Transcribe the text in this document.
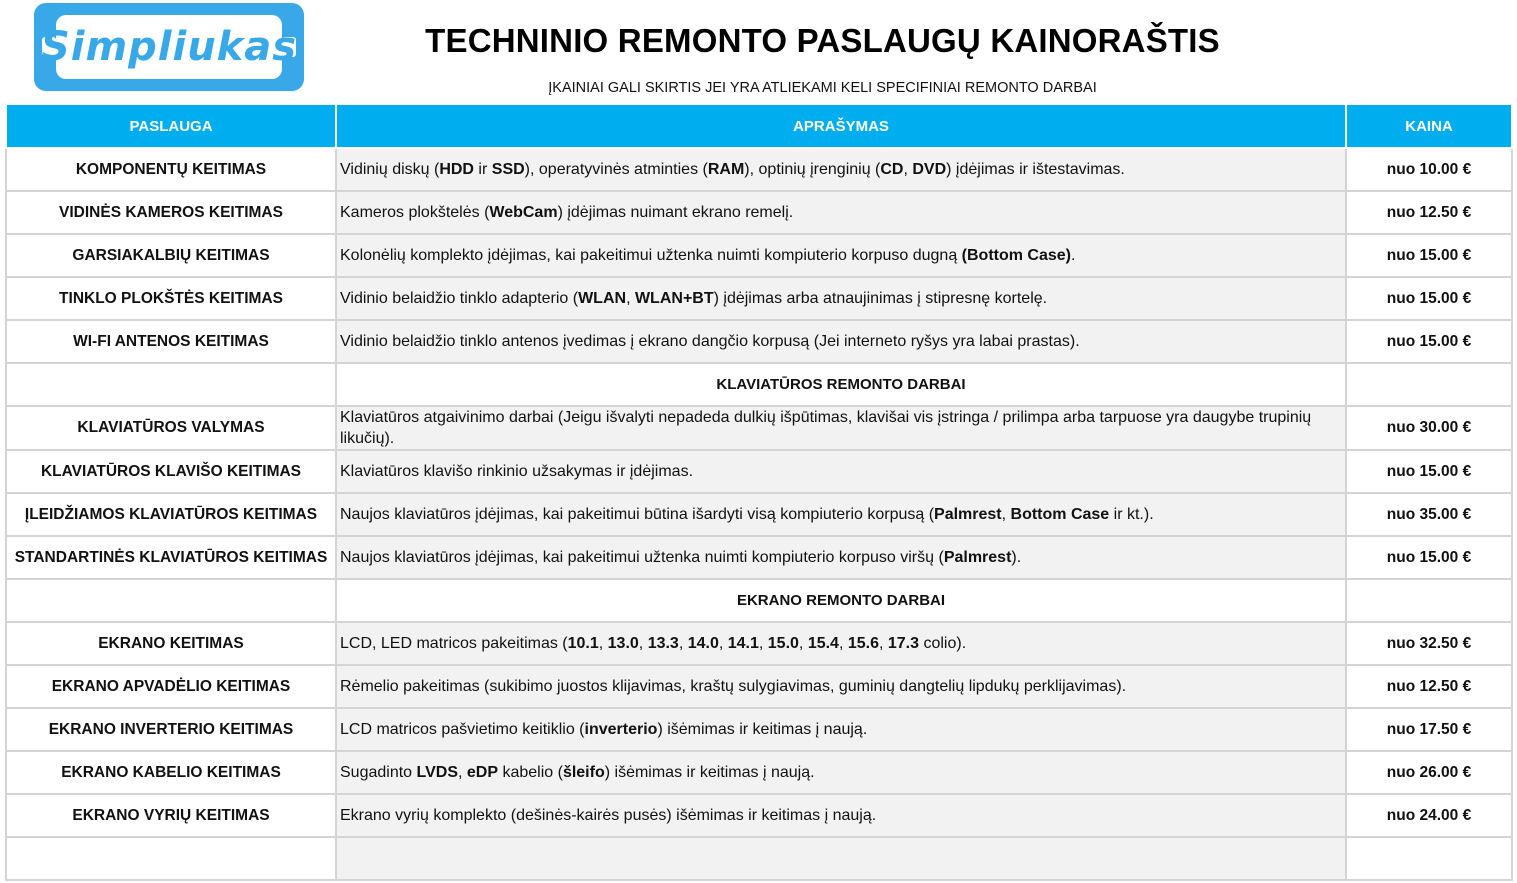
Simpliukas	TECHNINIO REMONTO PASLAUGŲ KAINORAŠTIS
ĮKAINIAI GALI SKIRTIS JEI YRA ATLIEKAMI KELI SPECIFINIAI REMONTO DARBAI
PASLAUGA	APRAŠYMAS	KAINA
KOMPONENTŲ KEITIMAS	Vidinių diskų (HDD ir SSD), operatyvinės atminties (RAM), optinių įrenginių (CD, DVD) įdėjimas ir ištestavimas.	nuo 10.00 €
VIDINĖS KAMEROS KEITIMAS	Kameros plokštelės (WebCam) įdėjimas nuimant ekrano remelį.	nuo 12.50 €
GARSIAKALBIŲ KEITIMAS	Kolonėlių komplekto įdėjimas, kai pakeitimui užtenka nuimti kompiuterio korpuso dugną (Bottom Case).	nuo 15.00 €
TINKLO PLOKŠTĖS KEITIMAS	Vidinio belaidžio tinklo adapterio (WLAN, WLAN+BT) įdėjimas arba atnaujinimas į stipresnę kortelę.	nuo 15.00 €
WI-FI ANTENOS KEITIMAS	Vidinio belaidžio tinklo antenos įvedimas į ekrano dangčio korpusą (Jei interneto ryšys yra labai prastas).	nuo 15.00 €
	KLAVIATŪROS REMONTO DARBAI	
KLAVIATŪROS VALYMAS	Klaviatūros atgaivinimo darbai (Jeigu išvalyti nepadeda dulkių išpūtimas, klavišai vis įstringa / prilimpa arba tarpuose yra daugybe trupinių likučių).	nuo 30.00 €
KLAVIATŪROS KLAVIŠO KEITIMAS	Klaviatūros klavišo rinkinio užsakymas ir įdėjimas.	nuo 15.00 €
ĮLEIDŽIAMOS KLAVIATŪROS KEITIMAS	Naujos klaviatūros įdėjimas, kai pakeitimui būtina išardyti visą kompiuterio korpusą (Palmrest, Bottom Case ir kt.).	nuo 35.00 €
STANDARTINĖS KLAVIATŪROS KEITIMAS	Naujos klaviatūros įdėjimas, kai pakeitimui užtenka nuimti kompiuterio korpuso viršų (Palmrest).	nuo 15.00 €
	EKRANO REMONTO DARBAI	
EKRANO KEITIMAS	LCD, LED matricos pakeitimas (10.1, 13.0, 13.3, 14.0, 14.1, 15.0, 15.4, 15.6, 17.3 colio).	nuo 32.50 €
EKRANO APVADĖLIO KEITIMAS	Rėmelio pakeitimas (sukibimo juostos klijavimas, kraštų sulygiavimas, guminių dangtelių lipdukų perklijavimas).	nuo 12.50 €
EKRANO INVERTERIO KEITIMAS	LCD matricos pašvietimo keitiklio (inverterio) išėmimas ir keitimas į naują.	nuo 17.50 €
EKRANO KABELIO KEITIMAS	Sugadinto LVDS, eDP kabelio (šleifo) išėmimas ir keitimas į naują.	nuo 26.00 €
EKRANO VYRIŲ KEITIMAS	Ekrano vyrių komplekto (dešinės-kairės pusės) išėmimas ir keitimas į naują.	nuo 24.00 €
